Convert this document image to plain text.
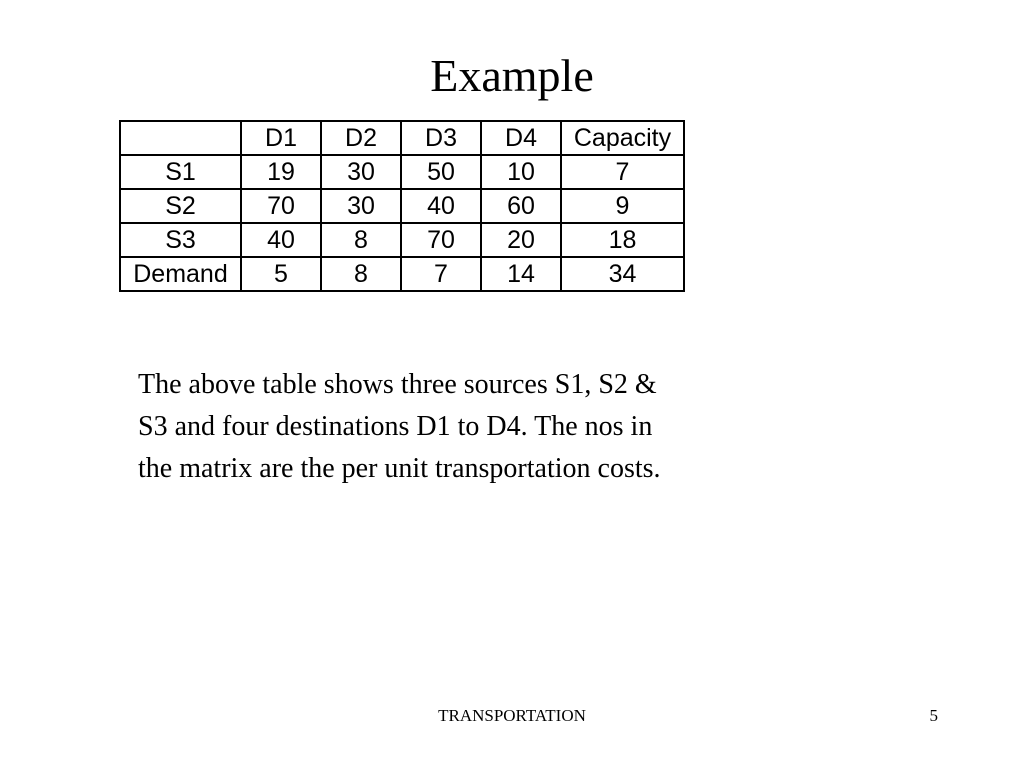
Example
	D1	D2	D3	D4	Capacity
S1	19	30	50	10	7
S2	70	30	40	60	9
S3	40	8	70	20	18
Demand	5	8	7	14	34

The above table shows three sources S1, S2 &

S3 and four destinations D1 to D4. The nos in

the matrix are the per unit transportation costs.

TRANSPORTATION	5
